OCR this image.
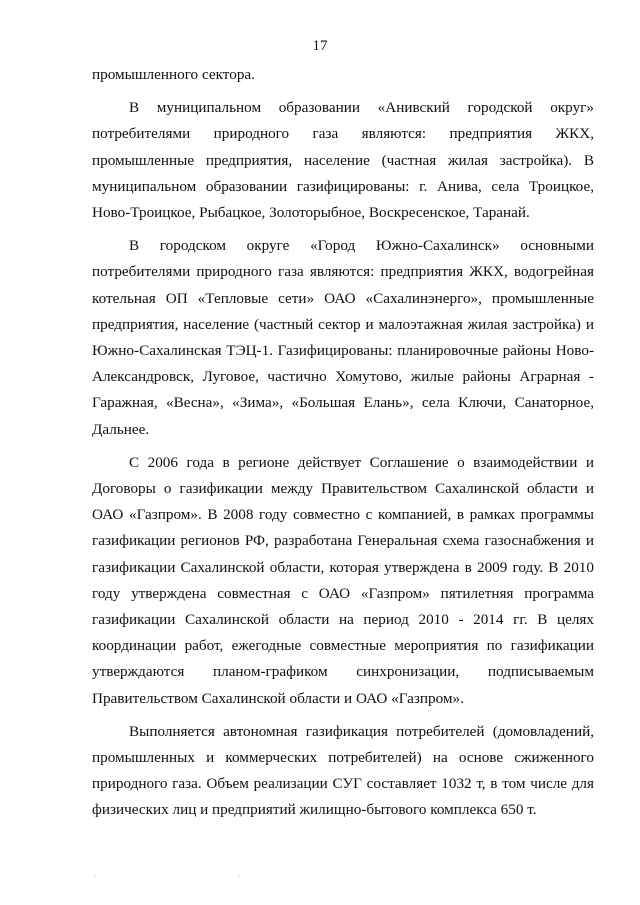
17

промышленного сектора.

В муниципальном образовании «Анивский городской округ» потребителями природного газа являются: предприятия ЖКХ, промышленные предприятия, население (частная жилая застройка). В муниципальном образовании газифицированы: г. Анива, села Троицкое, Ново-Троицкое, Рыбацкое, Золоторыбное, Воскресенское, Таранай.

В городском округе «Город Южно-Сахалинск» основными потребителями природного газа являются: предприятия ЖКХ, водогрейная котельная ОП «Тепловые сети» ОАО «Сахалинэнерго», промышленные предприятия, население (частный сектор и малоэтажная жилая застройка) и Южно-Сахалинская ТЭЦ-1. Газифицированы: планировочные районы Ново-Александровск, Луговое, частично Хомутово, жилые районы Аграрная - Гаражная, «Весна», «Зима», «Большая Елань», села Ключи, Санаторное, Дальнее.

С 2006 года в регионе действует Соглашение о взаимодействии и Договоры о газификации между Правительством Сахалинской области и ОАО «Газпром». В 2008 году совместно с компанией, в рамках программы газификации регионов РФ, разработана Генеральная схема газоснабжения и газификации Сахалинской области, которая утверждена в 2009 году. В 2010 году утверждена совместная с ОАО «Газпром» пятилетняя программа газификации Сахалинской области на период 2010 - 2014 гг. В целях координации работ, ежегодные совместные мероприятия по газификации утверждаются планом-графиком синхронизации, подписываемым Правительством Сахалинской области и ОАО «Газпром».

Выполняется автономная газификация потребителей (домовладений, промышленных и коммерческих потребителей) на основе сжиженного природного газа. Объем реализации СУГ составляет 1032 т, в том числе для физических лиц и предприятий жилищно-бытового комплекса 650 т.

. .
